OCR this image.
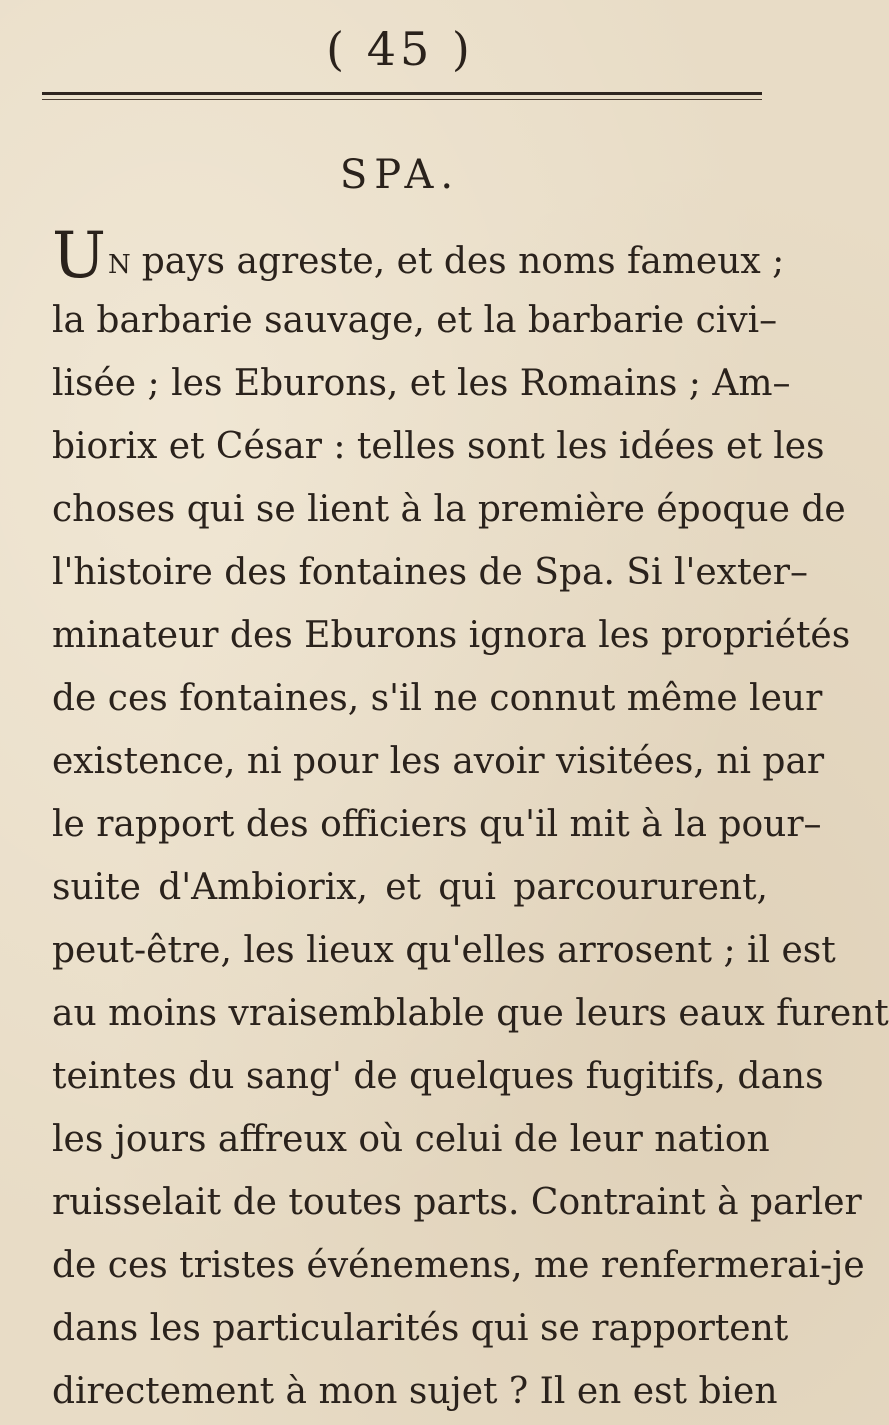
( 45 )
SPA.
UN pays agreste, et des noms fameux ;
la barbarie sauvage, et la barbarie civi–
lisée ; les Eburons, et les Romains ; Am–
biorix et César : telles sont les idées et les
choses qui se lient à la première époque de
l'histoire des fontaines de Spa. Si l'exter–
minateur des Eburons ignora les propriétés
de ces fontaines, s'il ne connut même leur
existence, ni pour les avoir visitées, ni par
le rapport des officiers qu'il mit à la pour–
suite d'Ambiorix, et qui parcoururent,
peut-être, les lieux qu'elles arrosent ; il est
au moins vraisemblable que leurs eaux furent
teintes du sang' de quelques fugitifs, dans
les jours affreux où celui de leur nation
ruisselait de toutes parts. Contraint à parler
de ces tristes événemens, me renfermerai-je
dans les particularités qui se rapportent
directement à mon sujet ? Il en est bien
